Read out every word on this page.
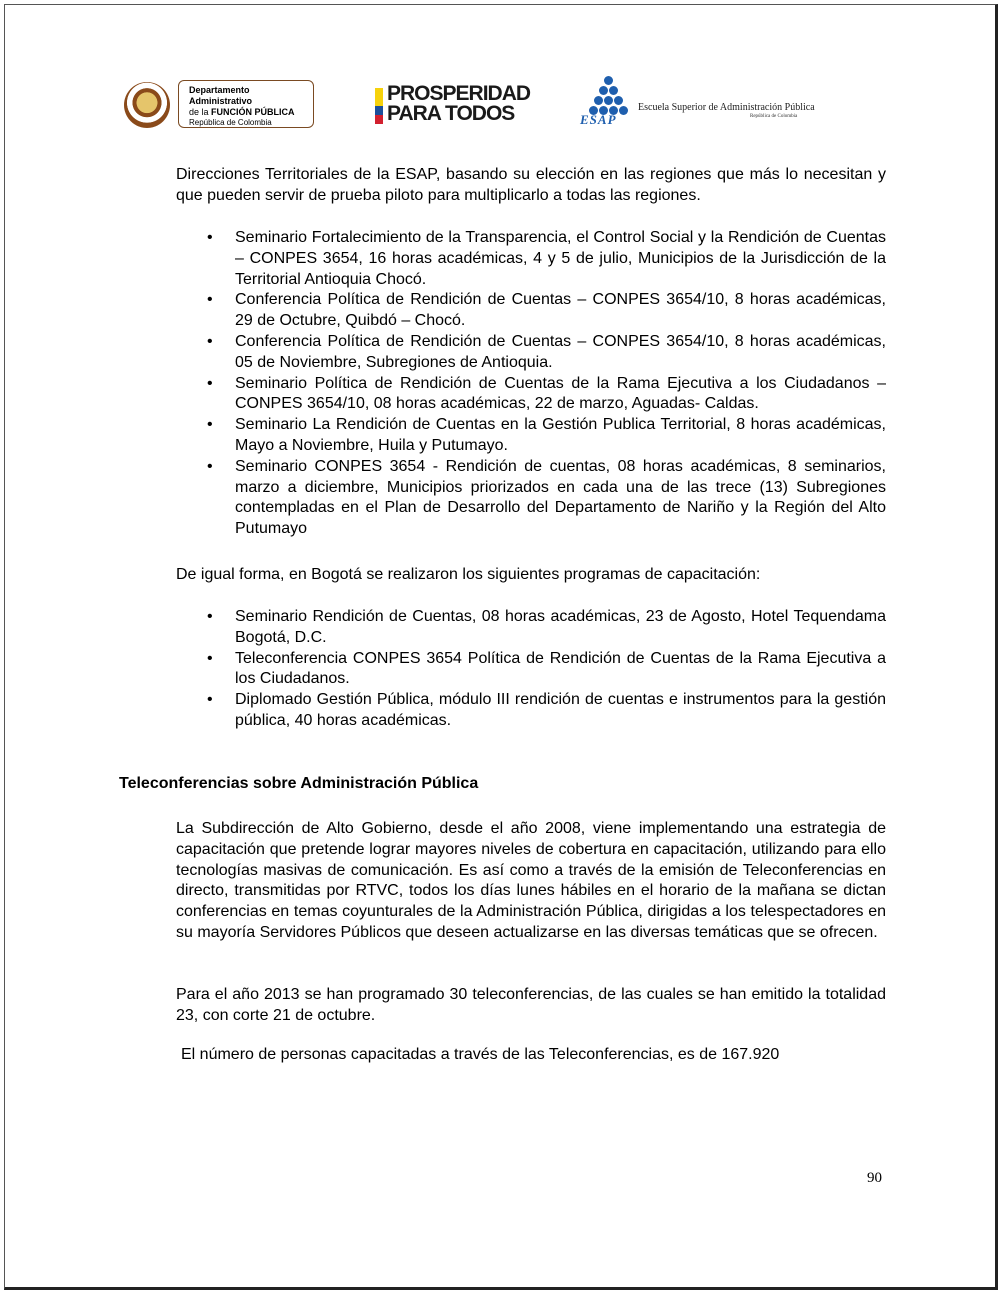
Departamento Administrativo
de la FUNCIÓN PÚBLICA
República de Colombia
PROSPERIDAD
PARA TODOS	ESAP
Escuela Superior de Administración Pública
República de Colombia

Direcciones Territoriales de la ESAP, basando su elección en las regiones que más lo necesitan y que pueden servir de prueba piloto para multiplicarlo a todas las regiones.

• Seminario Fortalecimiento de la Transparencia, el Control Social y la Rendición de Cuentas – CONPES 3654, 16 horas académicas, 4 y 5 de julio, Municipios de la Jurisdicción de la Territorial Antioquia Chocó.
• Conferencia Política de Rendición de Cuentas – CONPES 3654/10, 8 horas académicas, 29 de Octubre, Quibdó – Chocó.
• Conferencia Política de Rendición de Cuentas – CONPES 3654/10, 8 horas académicas, 05 de Noviembre, Subregiones de Antioquia.
• Seminario Política de Rendición de Cuentas de la Rama Ejecutiva a los Ciudadanos – CONPES 3654/10, 08 horas académicas, 22 de marzo, Aguadas- Caldas.
• Seminario La Rendición de Cuentas en la Gestión Publica Territorial, 8 horas académicas, Mayo a Noviembre, Huila y Putumayo.
• Seminario CONPES 3654 - Rendición de cuentas, 08 horas académicas, 8 seminarios, marzo a diciembre, Municipios priorizados en cada una de las trece (13) Subregiones contempladas en el Plan de Desarrollo del Departamento de Nariño y la Región del Alto Putumayo

De igual forma, en Bogotá se realizaron los siguientes programas de capacitación:

• Seminario Rendición de Cuentas, 08 horas académicas, 23 de Agosto, Hotel Tequendama Bogotá, D.C.
• Teleconferencia CONPES 3654 Política de Rendición de Cuentas de la Rama Ejecutiva a los Ciudadanos.
• Diplomado Gestión Pública, módulo III rendición de cuentas e instrumentos para la gestión pública, 40 horas académicas.
Teleconferencias sobre Administración Pública

La Subdirección de Alto Gobierno, desde el año 2008, viene implementando una estrategia de capacitación que pretende lograr mayores niveles de cobertura en capacitación, utilizando para ello tecnologías masivas de comunicación. Es así como a través de la emisión de Teleconferencias en directo, transmitidas por RTVC, todos los días lunes hábiles en el horario de la mañana se dictan conferencias en temas coyunturales de la Administración Pública, dirigidas a los telespectadores en su mayoría Servidores Públicos que deseen actualizarse en las diversas temáticas que se ofrecen.

Para el año 2013 se han programado 30 teleconferencias, de las cuales se han emitido la totalidad 23, con corte 21 de octubre.

El número de personas capacitadas a través de las Teleconferencias, es de 167.920

90
